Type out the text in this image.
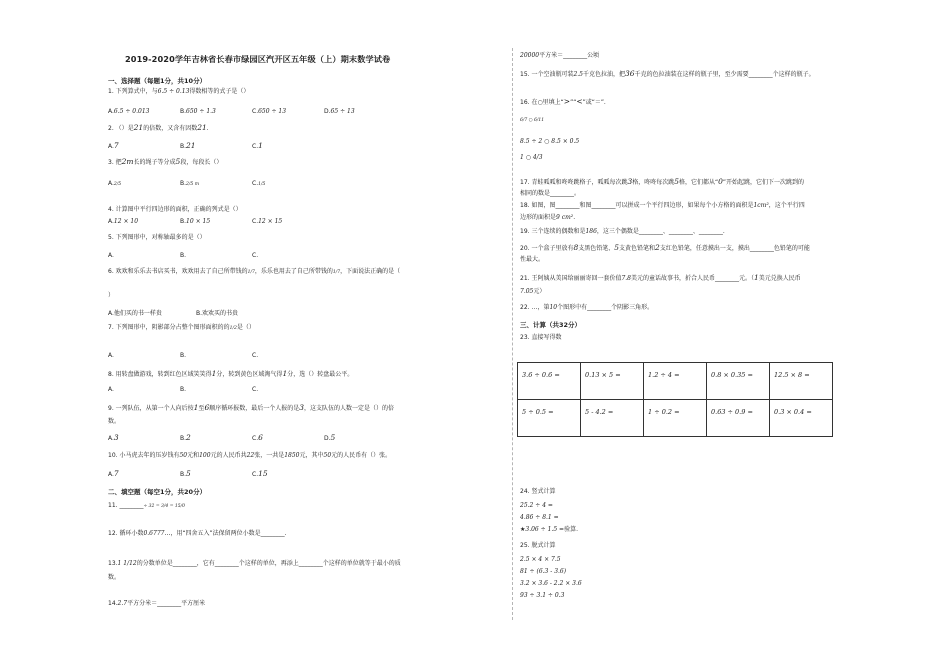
2019-2020学年吉林省长春市绿园区汽开区五年级（上）期末数学试卷
一、选择题（每题1分，共10分）
1. 下列算式中，与6.5 ÷ 0.13得数相等的式子是（）
A.6.5 ÷ 0.013	B.650 ÷ 1.3	C.650 ÷ 13	D.65 ÷ 13
2. （）是21的倍数，又含有因数21.
A.7	B.21	C.1
3. 把2m长的绳子等分成5段，每段长（）
A.2/5	B.2/5 m	C.1/5
4. 计算图中平行四边形的面积，正确的列式是（）
A.12 × 10	B.10 × 15	C.12 × 15
5. 下列图形中，对称轴最多的是（）
A.	B.	C.
6. 欢欢和乐乐去书店买书，欢欢用去了自己所带钱的1/7，乐乐也用去了自己所带钱的1/7，下面说法正确的是（
）
A.他们买的书一样贵	B.欢欢买的书贵
7. 下列图形中，阴影部分占整个图形面积的的1/2是（）
A.	B.	C.
8. 用转盘做游戏，转到红色区域笑笑得1分，转到黄色区域淘气得1分，选（）转盘最公平。
A.	B.	C.
9. 一列队伍，从第一个人向后按1至6顺序循环报数，最后一个人报的是3，这支队伍的人数一定是（）的倍
数。
A.3	B.2	C.6	D.5
10. 小马虎去年的压岁钱有50元和100元的人民币共22张，一共是1850元，其中50元的人民币有（）张。
A.7	B.5	C.15
二、填空题（每空1分，共20分）
11. ________÷ 32 = 3/4 = 15/0
12. 循环小数0.6777…，用“四舍五入”法保留两位小数是________.
13.1 1/12的分数单位是________，它有________个这样的单位，再添上________个这样的单位就等于最小的质
数。
14.2.7平方分米＝________平方厘米
20000平方米＝________公顷
15. 一个空油瓶可装2.5千克色拉油，把36千克的色拉油装在这样的瓶子里，至少需要________个这样的瓶子。
16. 在○里填上“>”“<”或“＝”.
6/7 ○ 6/11
8.5 ÷ 2 ○ 8.5 × 0.5
1 ○ 4/3
17. 青蛙呱呱和咚咚跳格子，呱呱每次跳3格，咚咚每次跳5格，它们都从“0”开始起跳，它们下一次跳到的
相同的数是________。
18. 如图，图________和图________可以拼成一个平行四边形，如果每个小方格的面积是1cm²，这个平行四
边形的面积是9 cm².
19. 三个连续的偶数和是186，这三个偶数是________、________、________.
20. 一个盒子里放有8支黑色铅笔、5支黄色铅笔和2支红色铅笔，任意摸出一支，摸出________色铅笔的可能
性最大。
21. 王阿姨从美国给丽丽寄回一套价值7.8美元的童话故事书，折合人民币________元。（1美元兑换人民币
7.05元）
22. …，第10个图形中有________个阴影三角形。
三、计算（共32分）
23. 直接写得数
3.6 ÷ 0.6 =	0.13 × 5 =	1.2 ÷ 4 =	0.8 × 0.35 =	12.5 × 8 =
5 ÷ 0.5 =	5 - 4.2 =	1 ÷ 0.2 =	0.63 ÷ 0.9 =	0.3 × 0.4 =
24. 竖式计算
25.2 ÷ 4 =
4.86 ÷ 8.1 =
★3.06 ÷ 1.5 =验算.
25. 脱式计算
2.5 × 4 × 7.5
81 ÷ (6.3 - 3.6)
3.2 × 3.6 - 2.2 × 3.6
93 ÷ 3.1 ÷ 0.3
